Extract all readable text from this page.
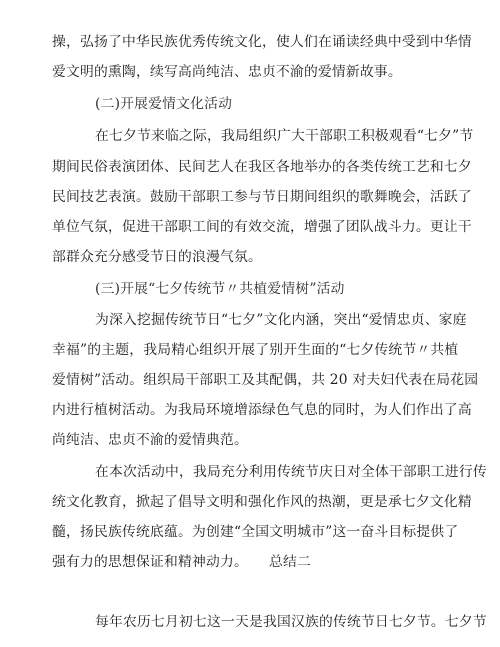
操，弘扬了中华民族优秀传统文化，使人们在诵读经典中受到中华情
爱文明的熏陶，续写高尚纯洁、忠贞不渝的爱情新故事。
(二)开展爱情文化活动
在七夕节来临之际，我局组织广大干部职工积极观看“七夕”节
期间民俗表演团体、民间艺人在我区各地举办的各类传统工艺和七夕
民间技艺表演。鼓励干部职工参与节日期间组织的歌舞晚会，活跃了
单位气氛，促进干部职工间的有效交流，增强了团队战斗力。更让干
部群众充分感受节日的浪漫气氛。
(三)开展“七夕传统节〃共植爱情树”活动
为深入挖掘传统节日“七夕”文化内涵，突出“爱情忠贞、家庭
幸福”的主题，我局精心组织开展了别开生面的“七夕传统节〃共植
爱情树”活动。组织局干部职工及其配偶，共 20 对夫妇代表在局花园
内进行植树活动。为我局环境增添绿色气息的同时，为人们作出了高
尚纯洁、忠贞不渝的爱情典范。
在本次活动中，我局充分利用传统节庆日对全体干部职工进行传
统文化教育，掀起了倡导文明和强化作风的热潮，更是承七夕文化精
髓，扬民族传统底蕴。为创建“全国文明城市”这一奋斗目标提供了
强有力的思想保证和精神动力。　　总结二
每年农历七月初七这一天是我国汉族的传统节日七夕节。七夕节
